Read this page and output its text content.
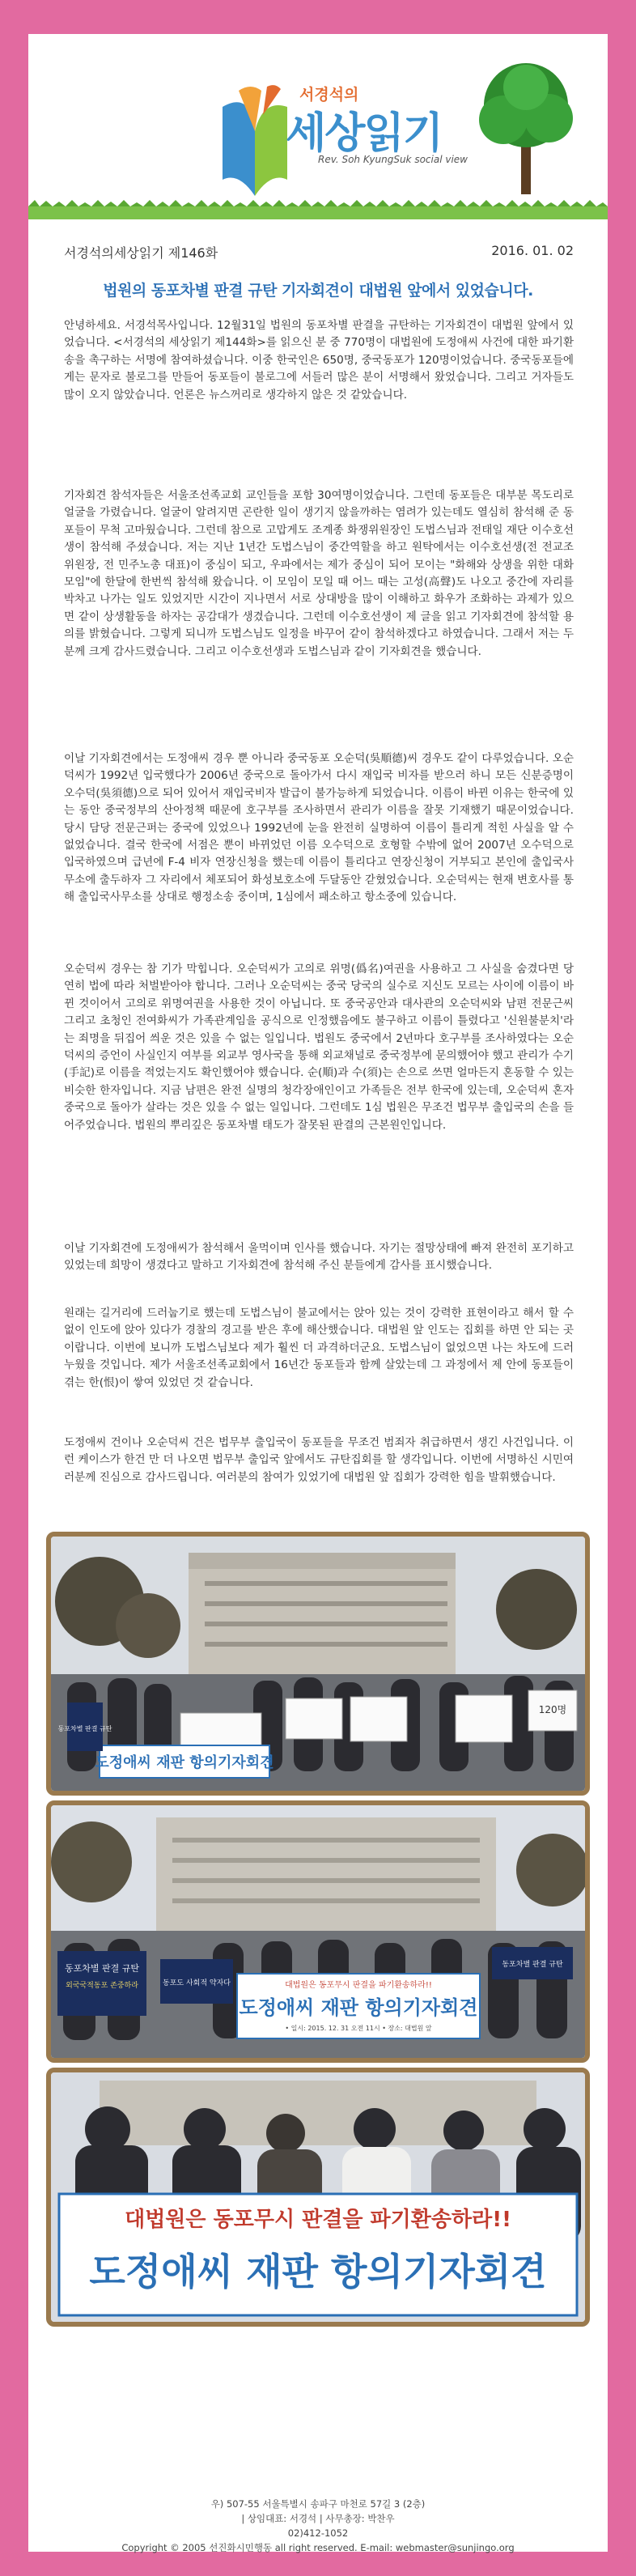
서경석의
세상읽기
Rev. Soh KyungSuk social view
서경석의세상읽기 제146화	2016. 01. 02
법원의 동포차별 판결 규탄 기자회견이 대법원 앞에서 있었습니다.
안녕하세요. 서경석목사입니다. 12월31일 법원의 동포차별 판결을 규탄하는 기자회견이 대법원 앞에서 있었습니다. <서경석의 세상읽기 제144화>를 읽으신 분 중 770명이 대법원에 도정애씨 사건에 대한 파기환송을 촉구하는 서명에 참여하셨습니다. 이중 한국인은 650명, 중국동포가 120명이었습니다. 중국동포들에게는 문자로 불로그를 만들어 동포들이 불로그에 서들러 많은 분이 서명해서 왔었습니다. 그리고 거자들도 많이 오지 않았습니다. 언론은 뉴스꺼리로 생각하지 않은 것 같았습니다.
기자회견 참석자들은 서울조선족교회 교인들을 포함 30여명이었습니다. 그런데 동포들은 대부분 목도리로 얼굴을 가렸습니다. 얼굴이 알려지면 곤란한 일이 생기지 않을까하는 염려가 있는데도 열심히 참석해 준 동포들이 무척 고마웠습니다. 그런데 참으로 고맙게도 조계종 화쟁위원장인 도법스님과 전태일 재단 이수호선생이 참석해 주셨습니다. 저는 지난 1년간 도법스님이 중간역할을 하고 원탁에서는 이수호선생(전 전교조위원장, 전 민주노총 대표)이 중심이 되고, 우파에서는 제가 중심이 되어 모이는 "화해와 상생을 위한 대화모임"에 한달에 한번씩 참석해 왔습니다. 이 모임이 모일 때 어느 때는 고성(高聲)도 나오고 중간에 자리를 박차고 나가는 일도 있었지만 시간이 지나면서 서로 상대방을 많이 이해하고 화우가 조화하는 과제가 있으면 같이 상생활동을 하자는 공감대가 생겼습니다. 그런데 이수호선생이 제 글을 읽고 기자회견에 참석할 용의를 밝혔습니다. 그렇게 되니까 도법스님도 일정을 바꾸어 같이 참석하겠다고 하였습니다. 그래서 저는 두분께 크게 감사드렸습니다. 그리고 이수호선생과 도법스님과 같이 기자회견을 했습니다.
이날 기자회견에서는 도정애씨 경우 뿐 아니라 중국동포 오순덕(吳順德)씨 경우도 같이 다루었습니다. 오순덕씨가 1992년 입국했다가 2006년 중국으로 돌아가서 다시 재입국 비자를 받으러 하니 모든 신분증명이 오수덕(吳須德)으로 되어 있어서 재입국비자 발급이 불가능하게 되었습니다. 이름이 바뀐 이유는 한국에 있는 동안 중국정부의 산아정책 때문에 호구부를 조사하면서 관리가 이름을 잘못 기재했기 때문이었습니다. 당시 담당 전문근퍼는 중국에 있었으나 1992년에 눈을 완전히 실명하여 이름이 틀리게 적힌 사실을 알 수 없었습니다. 결국 한국에 서점은 뿐이 바뀌었던 이름 오수덕으로 호형할 수밖에 없어 2007년 오수덕으로 입국하였으며 급년에 F-4 비자 연장신청을 했는데 이름이 틀리다고 연장신청이 거부되고 본인에 출입국사무소에 출두하자 그 자리에서 체포되어 화성보호소에 두달동안 갇혔었습니다. 오순덕씨는 현재 변호사를 통해 출입국사무소를 상대로 행정소송 중이며, 1심에서 패소하고 항소중에 있습니다.
오순덕씨 경우는 참 기가 막힙니다. 오순덕씨가 고의로 위명(僞名)여권을 사용하고 그 사실을 숨겼다면 당연히 법에 따라 처벌받아야 합니다. 그러나 오순덕씨는 중국 당국의 실수로 지신도 모르는 사이에 이름이 바뀐 것이어서 고의로 위명여권을 사용한 것이 아닙니다. 또 중국공안과 대사관의 오순덕씨와 남편 전문근씨 그리고 초청인 전여화씨가 가족관계임을 공식으로 인정했음에도 불구하고 이름이 틀렸다고 '신원불분치'라는 죄명을 뒤집어 씌운 것은 있을 수 없는 일입니다. 법원도 중국에서 2년마다 호구부를 조사하였다는 오순덕씨의 증언이 사실인지 여부를 외교부 영사국을 통해 외교채널로 중국정부에 문의했어야 했고 관리가 수기(手記)로 이름을 적었는지도 확인했어야 했습니다. 순(順)과 수(須)는 손으로 쓰면 얼마든지 혼동할 수 있는 비슷한 한자입니다. 지금 남편은 완전 실명의 청각장애인이고 가족들은 전부 한국에 있는데, 오순덕씨 혼자 중국으로 돌아가 살라는 것은 있을 수 없는 일입니다. 그런데도 1심 법원은 무조건 법무부 출입국의 손을 들어주었습니다. 법원의 뿌리깊은 동포차별 태도가 잘못된 판결의 근본원인입니다.
이날 기자회견에 도정애씨가 참석해서 울먹이며 인사를 했습니다. 자기는 절망상태에 빠져 완전히 포기하고 있었는데 희망이 생겼다고 말하고 기자회견에 참석해 주신 분들에게 감사를 표시했습니다.
원래는 길거리에 드러눕기로 했는데 도법스님이 불교에서는 앉아 있는 것이 강력한 표현이라고 해서 할 수 없이 인도에 앉아 있다가 경찰의 경고를 받은 후에 해산했습니다. 대법원 앞 인도는 집회를 하면 안 되는 곳이랍니다. 이번에 보니까 도법스님보다 제가 훨씬 더 과격하더군요. 도법스님이 없었으면 나는 차도에 드러누웠을 것입니다. 제가 서울조선족교회에서 16년간 동포들과 함께 살았는데 그 과정에서 제 안에 동포들이 겪는 한(恨)이 쌓여 있었던 것 같습니다.
도정애씨 건이나 오순덕씨 건은 법무부 출입국이 동포들을 무조건 범죄자 취급하면서 생긴 사건입니다. 이런 케이스가 한건 만 더 나오면 법무부 출입국 앞에서도 규탄집회를 할 생각입니다. 이번에 서명하신 시민여러분께 진심으로 감사드립니다. 여러분의 참여가 있었기에 대법원 앞 집회가 강력한 힘을 발휘했습니다.
도정애씨 재판 항의기자회견
동포차별 판결 규탄
120명
동포차별 판결 규탄
외국국적동포 존중하라	동포도 사회적 약자다	대법원은 동포무시 판결을 파기환송하라!!
도정애씨 재판 항의기자회견
• 일시: 2015. 12. 31 오전 11시 • 장소: 대법원 앞
동포차별 판결 규탄
대법원은 동포무시 판결을 파기환송하라!!
도정애씨 재판 항의기자회견
우) 507-55 서울특별시 송파구 마천로 57길 3 (2층)
| 상임대표: 서경석 | 사무총장: 박찬우
02)412-1052
Copyright © 2005 선진화시민행동 all right reserved. E-mail: webmaster@sunjingo.org
